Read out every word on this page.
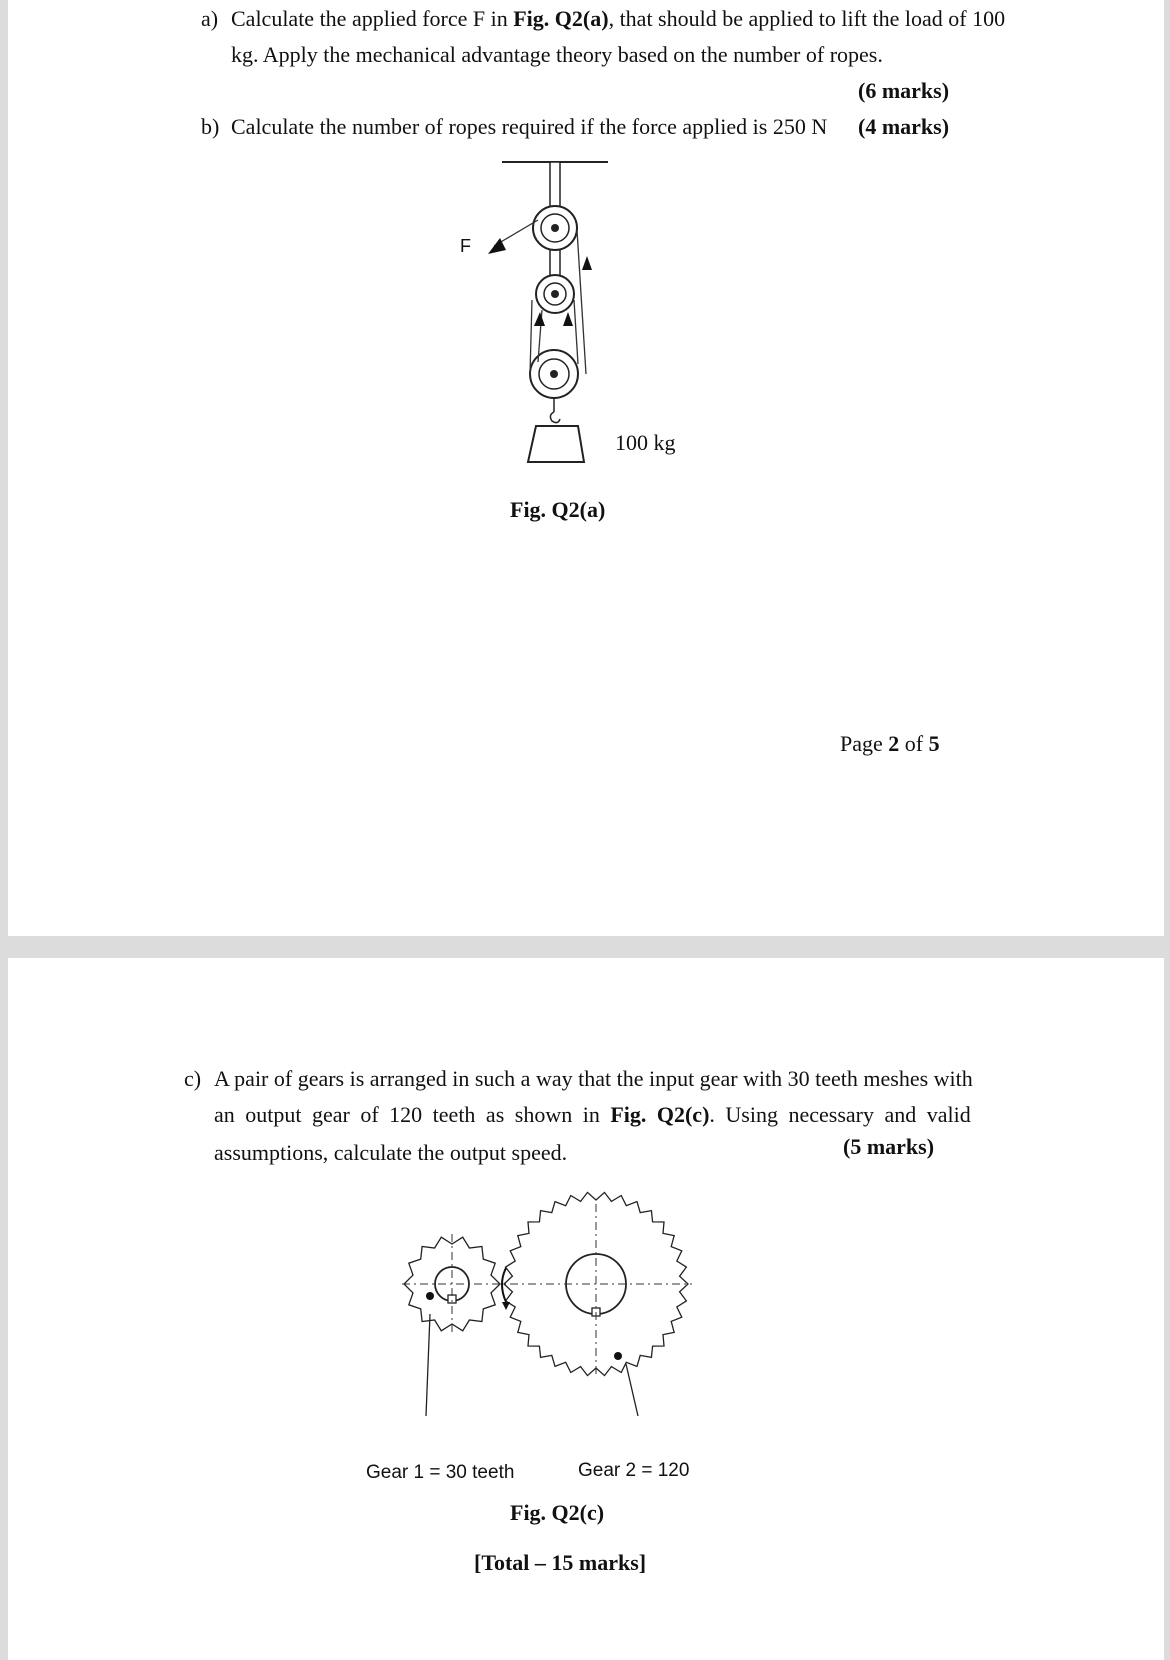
a) Calculate the applied force F in Fig. Q2(a), that should be applied to lift the load of 100
kg. Apply the mechanical advantage theory based on the number of ropes.
(6 marks)
b) Calculate the number of ropes required if the force applied is 250 N (4 marks)
F
100 kg
Fig. Q2(a)
Page 2 of 5
c) A pair of gears is arranged in such a way that the input gear with 30 teeth meshes with
an output gear of 120 teeth as shown in Fig. Q2(c). Using necessary and valid
assumptions, calculate the output speed.	(5 marks)
Gear 1 = 30 teeth	Gear 2 = 120
Fig. Q2(c)
[Total – 15 marks]
